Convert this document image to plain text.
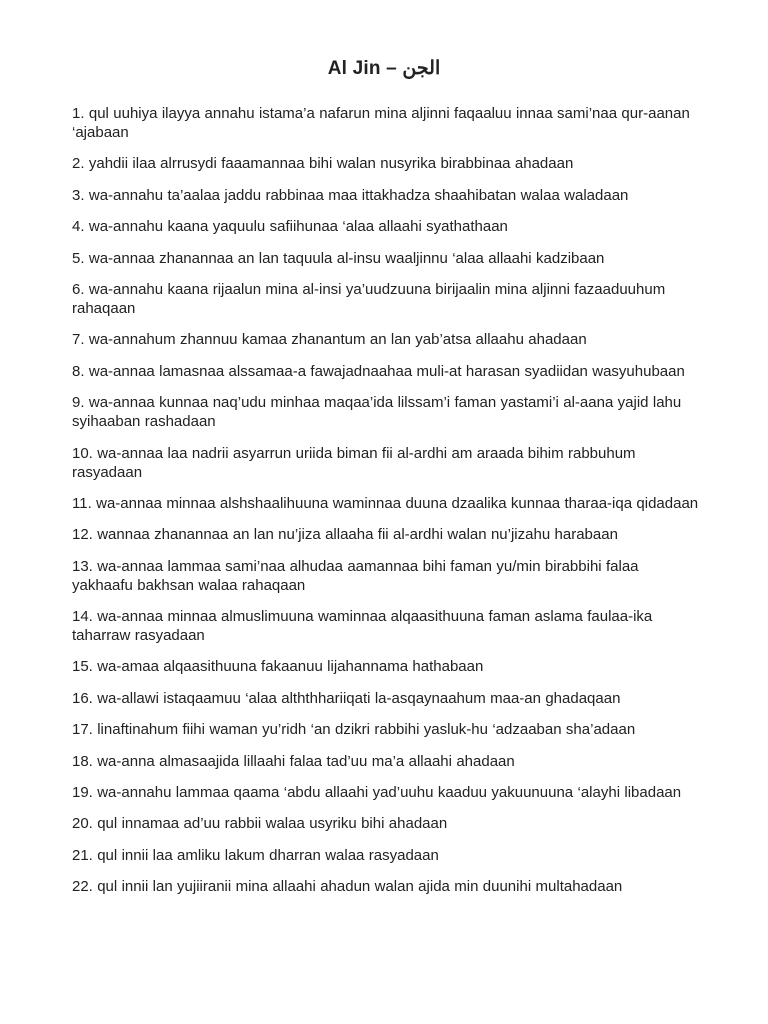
Al Jin – الجن
1. qul uuhiya ilayya annahu istama’a nafarun mina aljinni faqaaluu innaa sami’naa qur-aanan ‘ajabaan
2. yahdii ilaa alrrusydi faaamannaa bihi walan nusyrika birabbinaa ahadaan
3. wa-annahu ta’aalaa jaddu rabbinaa maa ittakhadza shaahibatan walaa waladaan
4. wa-annahu kaana yaquulu safiihunaa ‘alaa allaahi syathathaan
5. wa-annaa zhanannaa an lan taquula al-insu waaljinnu ‘alaa allaahi kadzibaan
6. wa-annahu kaana rijaalun mina al-insi ya’uudzuuna birijaalin mina aljinni fazaaduuhum rahaqaan
7. wa-annahum zhannuu kamaa zhanantum an lan yab’atsa allaahu ahadaan
8. wa-annaa lamasnaa alssamaa-a fawajadnaahaa muli-at harasan syadiidan wasyuhubaan
9. wa-annaa kunnaa naq’udu minhaa maqaa’ida lilssam’i faman yastami’i al-aana yajid lahu syihaaban rashadaan
10. wa-annaa laa nadrii asyarrun uriida biman fii al-ardhi am araada bihim rabbuhum rasyadaan
11. wa-annaa minnaa alshshaalihuuna waminnaa duuna dzaalika kunnaa tharaa-iqa qidadaan
12. wannaa zhanannaa an lan nu’jiza allaaha fii al-ardhi walan nu’jizahu harabaan
13. wa-annaa lammaa sami’naa alhudaa aamannaa bihi faman yu/min birabbihi falaa yakhaafu bakhsan walaa rahaqaan
14. wa-annaa minnaa almuslimuuna waminnaa alqaasithuuna faman aslama faulaa-ika taharraw rasyadaan
15. wa-amaa alqaasithuuna fakaanuu lijahannama hathabaan
16. wa-allawi istaqaamuu ‘alaa alththhariiqati la-asqaynaahum maa-an ghadaqaan
17. linaftinahum fiihi waman yu’ridh ‘an dzikri rabbihi yasluk-hu ‘adzaaban sha’adaan
18. wa-anna almasaajida lillaahi falaa tad’uu ma’a allaahi ahadaan
19. wa-annahu lammaa qaama ‘abdu allaahi yad’uuhu kaaduu yakuunuuna ‘alayhi libadaan
20. qul innamaa ad’uu rabbii walaa usyriku bihi ahadaan
21. qul innii laa amliku lakum dharran walaa rasyadaan
22. qul innii lan yujiiranii mina allaahi ahadun walan ajida min duunihi multahadaan
